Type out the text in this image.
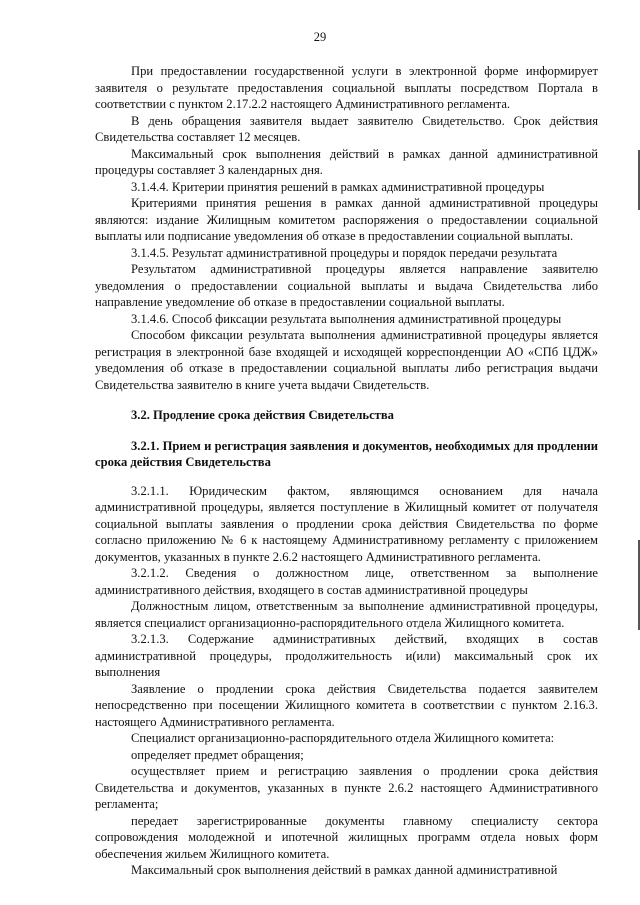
29

При предоставлении государственной услуги в электронной форме информирует заявителя о результате предоставления социальной выплаты посредством Портала в соответствии с пунктом 2.17.2.2 настоящего Административного регламента.

В день обращения заявителя выдает заявителю Свидетельство. Срок действия Свидетельства составляет 12 месяцев.

Максимальный срок выполнения действий в рамках данной административной процедуры составляет 3 календарных дня.

3.1.4.4. Критерии принятия решений в рамках административной процедуры

Критериями принятия решения в рамках данной административной процедуры являются: издание Жилищным комитетом распоряжения о предоставлении социальной выплаты или подписание уведомления об отказе в предоставлении социальной выплаты.

3.1.4.5. Результат административной процедуры и порядок передачи результата

Результатом административной процедуры является направление заявителю уведомления о предоставлении социальной выплаты и выдача Свидетельства либо направление уведомление об отказе в предоставлении социальной выплаты.

3.1.4.6. Способ фиксации результата выполнения административной процедуры

Способом фиксации результата выполнения административной процедуры является регистрация в электронной базе входящей и исходящей корреспонденции АО «СПб ЦДЖ» уведомления об отказе в предоставлении социальной выплаты либо регистрация выдачи Свидетельства заявителю в книге учета выдачи Свидетельств.

3.2. Продление срока действия Свидетельства

3.2.1. Прием и регистрация заявления и документов, необходимых для продлении срока действия Свидетельства

3.2.1.1. Юридическим фактом, являющимся основанием для начала административной процедуры, является поступление в Жилищный комитет от получателя социальной выплаты заявления о продлении срока действия Свидетельства по форме согласно приложению № 6 к настоящему Административному регламенту с приложением документов, указанных в пункте 2.6.2 настоящего Административного регламента.

3.2.1.2. Сведения о должностном лице, ответственном за выполнение административного действия, входящего в состав административной процедуры

Должностным лицом, ответственным за выполнение административной процедуры, является специалист организационно-распорядительного отдела Жилищного комитета.

3.2.1.3. Содержание административных действий, входящих в состав административной процедуры, продолжительность и(или) максимальный срок их выполнения

Заявление о продлении срока действия Свидетельства подается заявителем непосредственно при посещении Жилищного комитета в соответствии с пунктом 2.16.3. настоящего Административного регламента.

Специалист организационно-распорядительного отдела Жилищного комитета:

определяет предмет обращения;

осуществляет прием и регистрацию заявления о продлении срока действия Свидетельства и документов, указанных в пункте 2.6.2 настоящего Административного регламента;

передает зарегистрированные документы главному специалисту сектора сопровождения молодежной и ипотечной жилищных программ отдела новых форм обеспечения жильем Жилищного комитета.

Максимальный срок выполнения действий в рамках данной административной
